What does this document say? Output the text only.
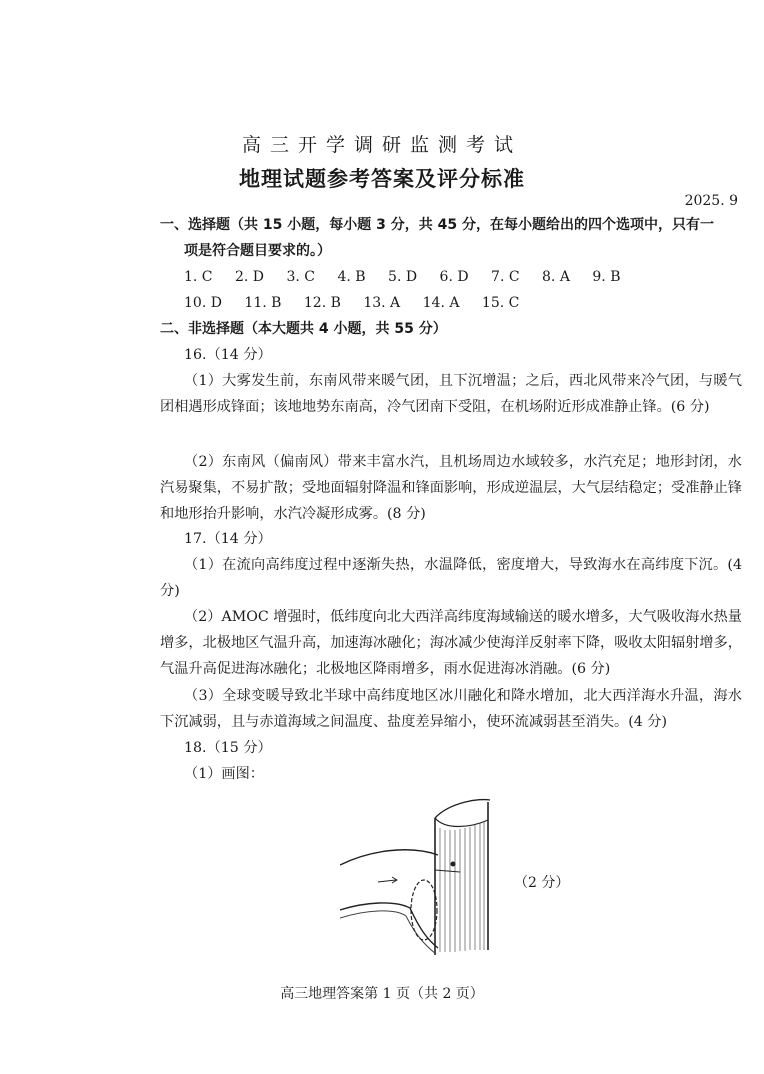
高三开学调研监测考试
地理试题参考答案及评分标准
2025. 9
一、选择题（共 15 小题，每小题 3 分，共 45 分，在每小题给出的四个选项中，只有一
项是符合题目要求的。）
1. C 2. D 3. C 4. B 5. D 6. D 7. C 8. A 9. B
10. D 11. B 12. B 13. A 14. A 15. C
二、非选择题（本大题共 4 小题，共 55 分）
16.（14 分）
（1）大雾发生前，东南风带来暖气团，且下沉增温；之后，西北风带来冷气团，与暖气团相遇形成锋面；该地地势东南高，冷气团南下受阻，在机场附近形成准静止锋。(6 分)
（2）东南风（偏南风）带来丰富水汽，且机场周边水域较多，水汽充足；地形封闭，水汽易聚集，不易扩散；受地面辐射降温和锋面影响，形成逆温层，大气层结稳定；受准静止锋和地形抬升影响，水汽冷凝形成雾。(8 分)
17.（14 分）
（1）在流向高纬度过程中逐渐失热，水温降低，密度增大，导致海水在高纬度下沉。(4 分)
（2）AMOC 增强时，低纬度向北大西洋高纬度海域输送的暖水增多，大气吸收海水热量增多，北极地区气温升高，加速海冰融化；海冰减少使海洋反射率下降，吸收太阳辐射增多，气温升高促进海冰融化；北极地区降雨增多，雨水促进海冰消融。(6 分)
（3）全球变暖导致北半球中高纬度地区冰川融化和降水增加，北大西洋海水升温，海水下沉减弱，且与赤道海域之间温度、盐度差异缩小，使环流减弱甚至消失。(4 分)
18.（15 分）
（1）画图：
（2 分）
高三地理答案第 1 页（共 2 页）
